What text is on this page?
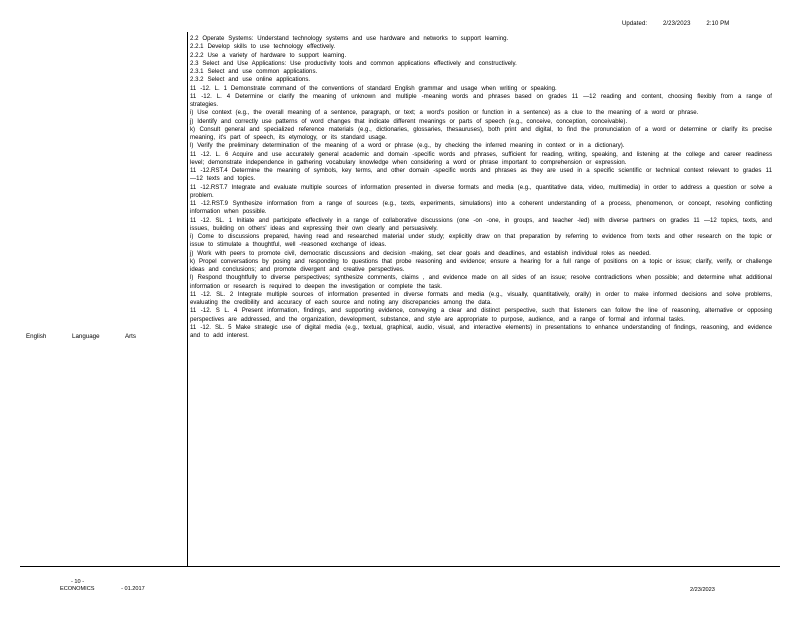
Updated:	2/23/2023	2:10 PM
English	Language	Arts

2.2 Operate Systems: Understand technology systems and use hardware and networks to support learning.

2.2.1 Develop skills to use technology effectively.

2.2.2 Use a variety of hardware to support learning.

2.3 Select and Use Applications: Use productivity tools and common applications effectively and constructively.

2.3.1 Select and use common applications.

2.3.2 Select and use online applications.

11 -12. L. 1 Demonstrate command of the conventions of standard English grammar and usage when writing or speaking.

11 -12. L. 4 Determine or clarify the meaning of unknown and multiple -meaning words and phrases based on grades 11 —12 reading and content, choosing flexibly from a range of strategies.

i) Use context (e.g., the overall meaning of a sentence, paragraph, or text; a word's position or function in a sentence) as a clue to the meaning of a word or phrase.

j) Identify and correctly use patterns of word changes that indicate different meanings or parts of speech (e.g., conceive, conception, conceivable).

k) Consult general and specialized reference materials (e.g., dictionaries, glossaries, thesauruses), both print and digital, to find the pronunciation of a word or determine or clarify its precise meaning, it's part of speech, its etymology, or its standard usage.

l) Verify the preliminary determination of the meaning of a word or phrase (e.g., by checking the inferred meaning in context or in a dictionary).

11 -12. L. 6 Acquire and use accurately general academic and domain -specific words and phrases, sufficient for reading, writing, speaking, and listening at the college and career readiness level; demonstrate independence in gathering vocabulary knowledge when considering a word or phrase important to comprehension or expression.

11 -12.RST.4 Determine the meaning of symbols, key terms, and other domain -specific words and phrases as they are used in a specific scientific or technical context relevant to grades 11 —12 texts and topics.

11 -12.RST.7 Integrate and evaluate multiple sources of information presented in diverse formats and media (e.g., quantitative data, video, multimedia) in order to address a question or solve a problem.

11 -12.RST.9 Synthesize information from a range of sources (e.g., texts, experiments, simulations) into a coherent understanding of a process, phenomenon, or concept, resolving conflicting information when possible.

11 -12. SL. 1 Initiate and participate effectively in a range of collaborative discussions (one -on -one, in groups, and teacher -led) with diverse partners on grades 11 —12 topics, texts, and issues, building on others' ideas and expressing their own clearly and persuasively.

i) Come to discussions prepared, having read and researched material under study; explicitly draw on that preparation by referring to evidence from texts and other research on the topic or issue to stimulate a thoughtful, well -reasoned exchange of ideas.

j) Work with peers to promote civil, democratic discussions and decision -making, set clear goals and deadlines, and establish individual roles as needed.

k) Propel conversations by posing and responding to questions that probe reasoning and evidence; ensure a hearing for a full range of positions on a topic or issue; clarify, verify, or challenge ideas and conclusions; and promote divergent and creative perspectives.

l) Respond thoughtfully to diverse perspectives; synthesize comments, claims , and evidence made on all sides of an issue; resolve contradictions when possible; and determine what additional information or research is required to deepen the investigation or complete the task.

11 -12. SL. 2 Integrate multiple sources of information presented in diverse formats and media (e.g., visually, quantitatively, orally) in order to make informed decisions and solve problems, evaluating the credibility and accuracy of each source and noting any discrepancies among the data.

11 -12. S L. 4 Present information, findings, and supporting evidence, conveying a clear and distinct perspective, such that listeners can follow the line of reasoning, alternative or opposing perspectives are addressed, and the organization, development, substance, and style are appropriate to purpose, audience, and a range of formal and informal tasks.

11 -12. SL. 5 Make strategic use of digital media (e.g., textual, graphical, audio, visual, and interactive elements) in presentations to enhance understanding of findings, reasoning, and evidence and to add interest.

- 10 -
ECONOMICS	- 01.2017	2/23/2023
